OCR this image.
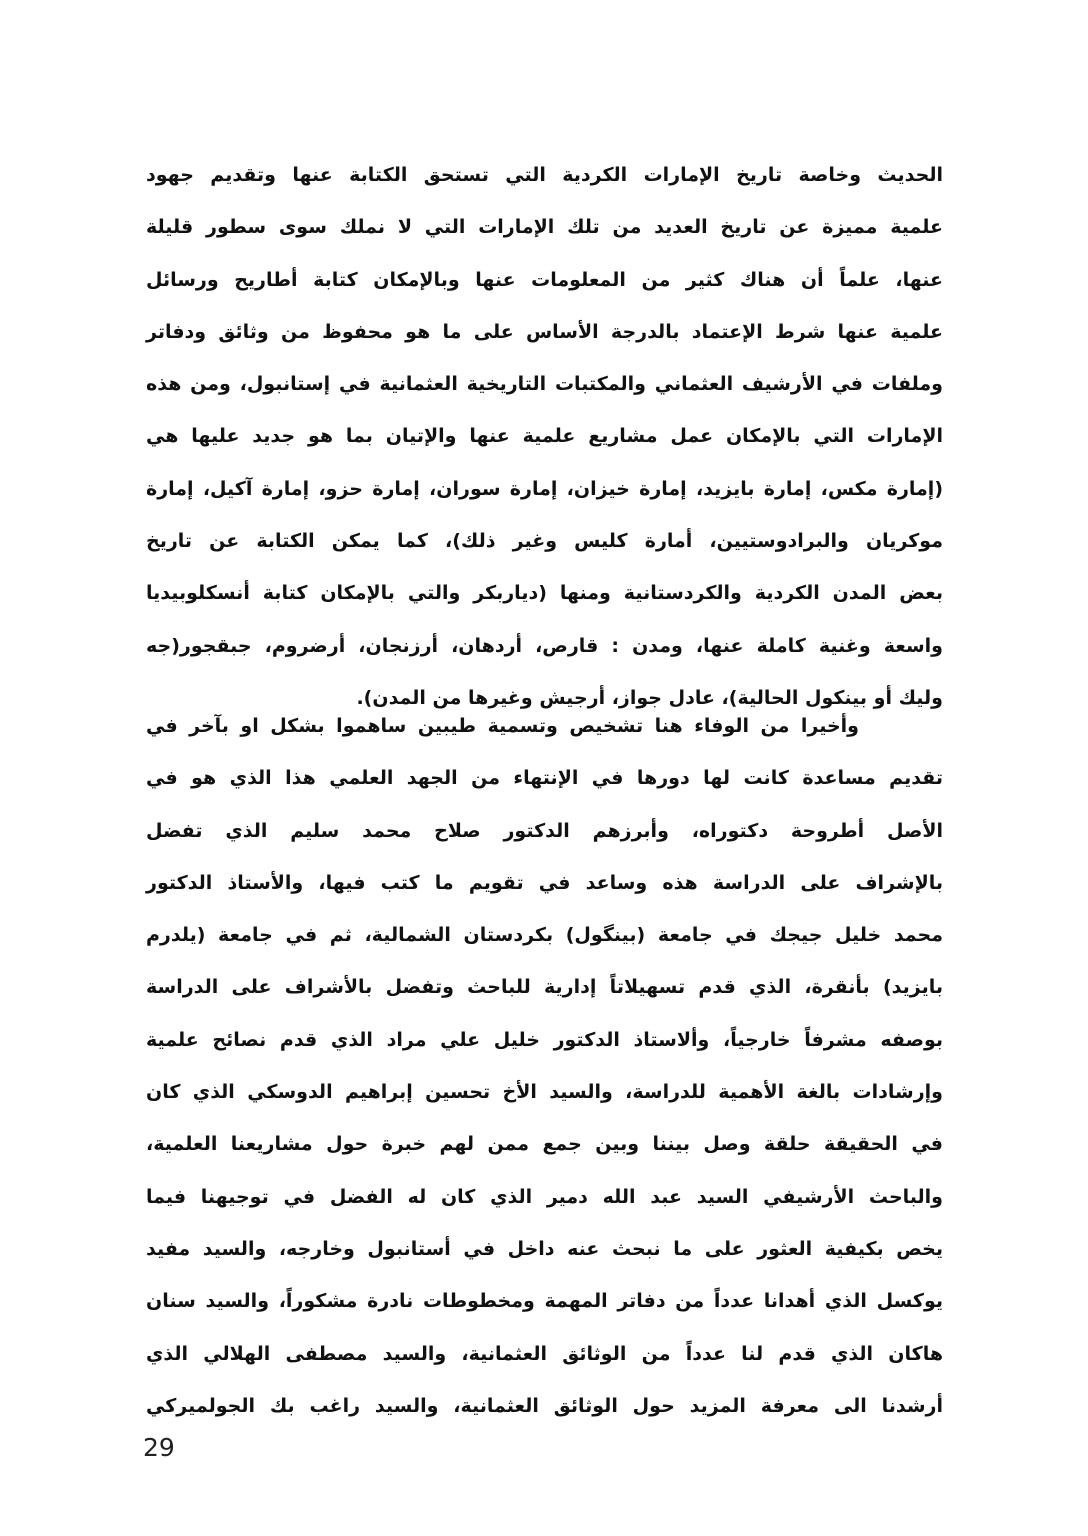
الحديث وخاصة تاريخ الإمارات الكردية التي تستحق الكتابة عنها وتقديم جهود
علمية مميزة عن تاريخ العديد من تلك الإمارات التي لا نملك سوى سطور قليلة
عنها، علماً أن هناك كثير من المعلومات عنها وبالإمكان كتابة أطاريح ورسائل
علمية عنها شرط الإعتماد بالدرجة الأساس على ما هو محفوظ من وثائق ودفاتر
وملفات في الأرشيف العثماني والمكتبات التاريخية العثمانية في إستانبول، ومن هذه
الإمارات التي بالإمكان عمل مشاريع علمية عنها والإتيان بما هو جديد عليها هي
(إمارة مكس، إمارة بايزيد، إمارة خيزان، إمارة سوران، إمارة حزو، إمارة آكيل، إمارة
موكريان والبرادوستيين، أمارة كليس وغير ذلك)، كما يمكن الكتابة عن تاريخ
بعض المدن الكردية والكردستانية ومنها (دياربكر والتي بالإمكان كتابة أنسكلوبيديا
واسعة وغنية كاملة عنها، ومدن : قارص، أردهان، أرزنجان، أرضروم، جبقجور(جه
وليك أو بينكول الحالية)، عادل جواز، أرجيش وغيرها من المدن).
وأخيرا من الوفاء هنا تشخيص وتسمية طيبين ساهموا بشكل او بآخر في
تقديم مساعدة كانت لها دورها في الإنتهاء من الجهد العلمي هذا الذي هو في
الأصل أطروحة دكتوراه، وأبرزهم الدكتور صلاح محمد سليم الذي تفضل
بالإشراف على الدراسة هذه وساعد في تقويم ما كتب فيها، والأستاذ الدكتور
محمد خليل جيجك في جامعة (بينگول) بكردستان الشمالية، ثم في جامعة (يلدرم
بايزيد) بأنقرة، الذي قدم تسهيلاتاً إدارية للباحث وتفضل بالأشراف على الدراسة
بوصفه مشرفاً خارجياً، وألاستاذ الدكتور خليل علي مراد الذي قدم نصائح علمية
وإرشادات بالغة الأهمية للدراسة، والسيد الأخ تحسين إبراهيم الدوسكي الذي كان
في الحقيقة حلقة وصل بيننا وبين جمع ممن لهم خبرة حول مشاريعنا العلمية،
والباحث الأرشيفي السيد عبد الله دمير الذي كان له الفضل في توجيهنا فيما
يخص بكيفية العثور على ما نبحث عنه داخل في أستانبول وخارجه، والسيد مفيد
يوكسل الذي أهدانا عدداً من دفاتر المهمة ومخطوطات نادرة مشكوراً، والسيد سنان
هاكان الذي قدم لنا عدداً من الوثائق العثمانية، والسيد مصطفى الهلالي الذي
أرشدنا الى معرفة المزيد حول الوثائق العثمانية، والسيد راغب بك الجولميركي
29
